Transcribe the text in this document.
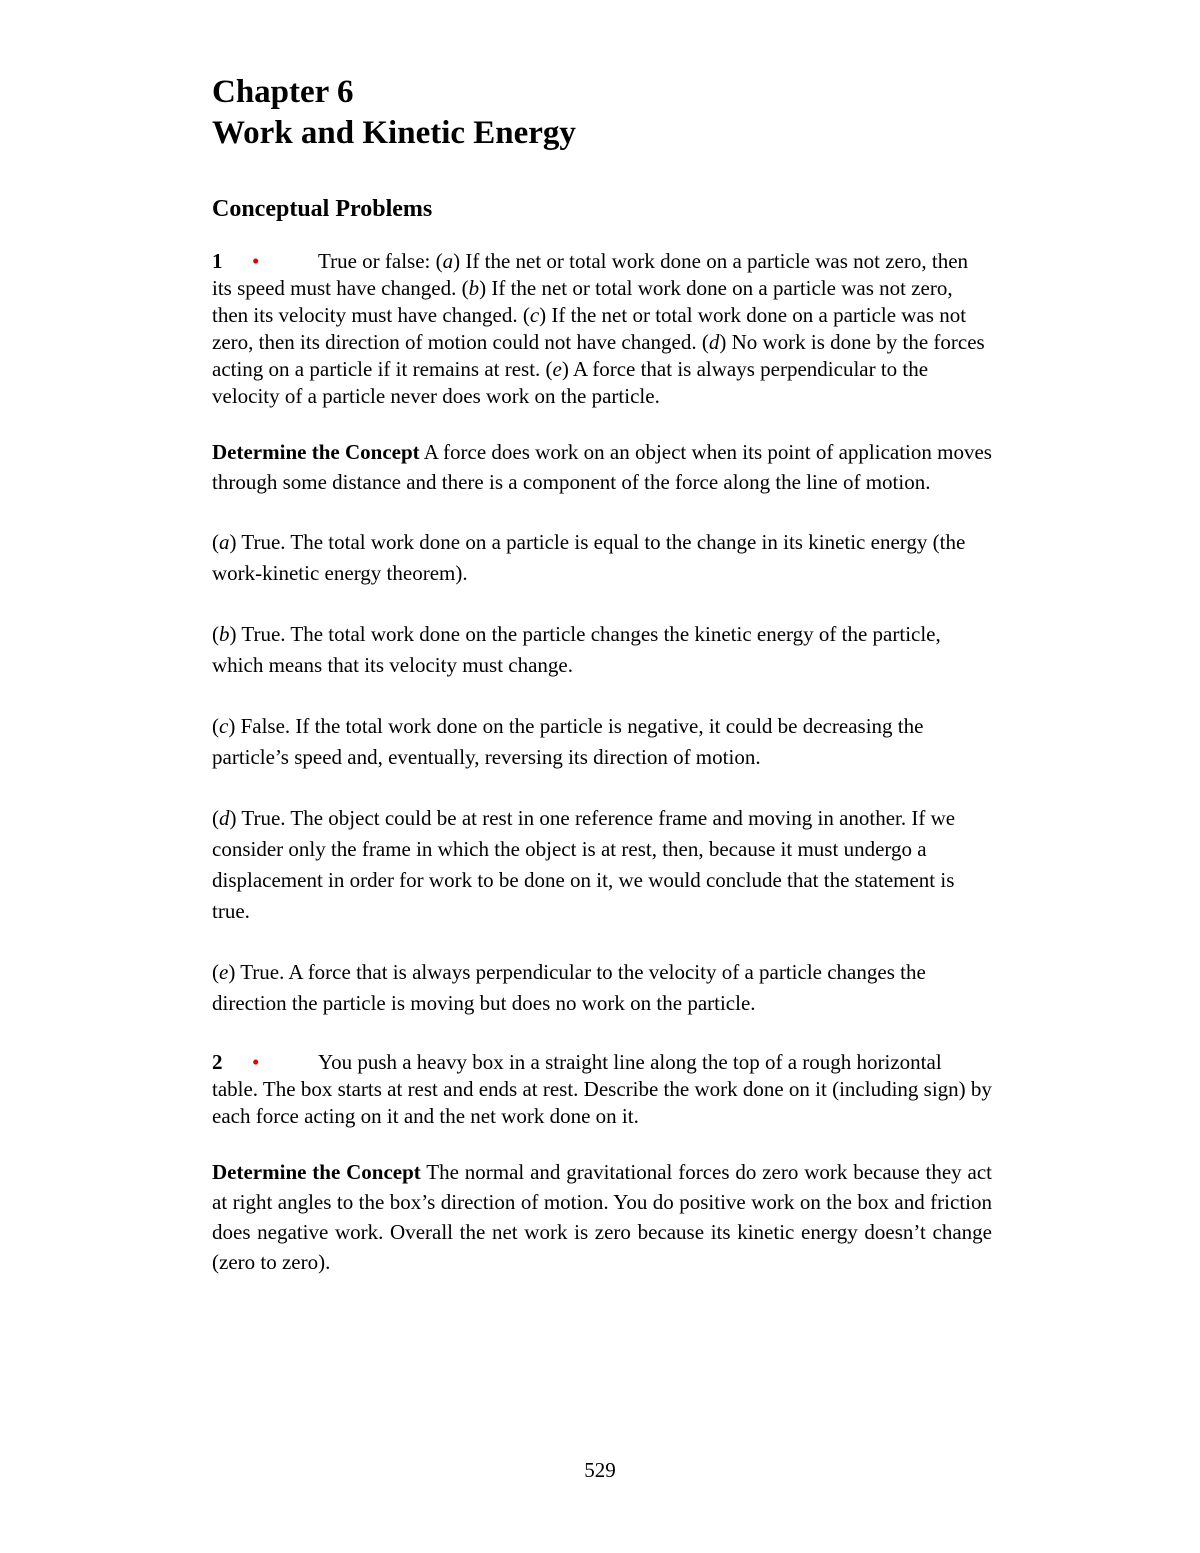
Chapter 6
Work and Kinetic Energy
Conceptual Problems

1 •	True or false: (a) If the net or total work done on a particle was not zero, then its speed must have changed. (b) If the net or total work done on a particle was not zero, then its velocity must have changed. (c) If the net or total work done on a particle was not zero, then its direction of motion could not have changed. (d) No work is done by the forces acting on a particle if it remains at rest. (e) A force that is always perpendicular to the velocity of a particle never does work on the particle.

Determine the Concept A force does work on an object when its point of application moves through some distance and there is a component of the force along the line of motion.

(a) True. The total work done on a particle is equal to the change in its kinetic energy (the work-kinetic energy theorem).

(b) True. The total work done on the particle changes the kinetic energy of the particle, which means that its velocity must change.

(c) False. If the total work done on the particle is negative, it could be decreasing the particle’s speed and, eventually, reversing its direction of motion.

(d) True. The object could be at rest in one reference frame and moving in another. If we consider only the frame in which the object is at rest, then, because it must undergo a displacement in order for work to be done on it, we would conclude that the statement is true.

(e) True. A force that is always perpendicular to the velocity of a particle changes the direction the particle is moving but does no work on the particle.

2 •	You push a heavy box in a straight line along the top of a rough horizontal table. The box starts at rest and ends at rest. Describe the work done on it (including sign) by each force acting on it and the net work done on it.

Determine the Concept The normal and gravitational forces do zero work because they act at right angles to the box’s direction of motion. You do positive work on the box and friction does negative work. Overall the net work is zero because its kinetic energy doesn’t change (zero to zero).

529
